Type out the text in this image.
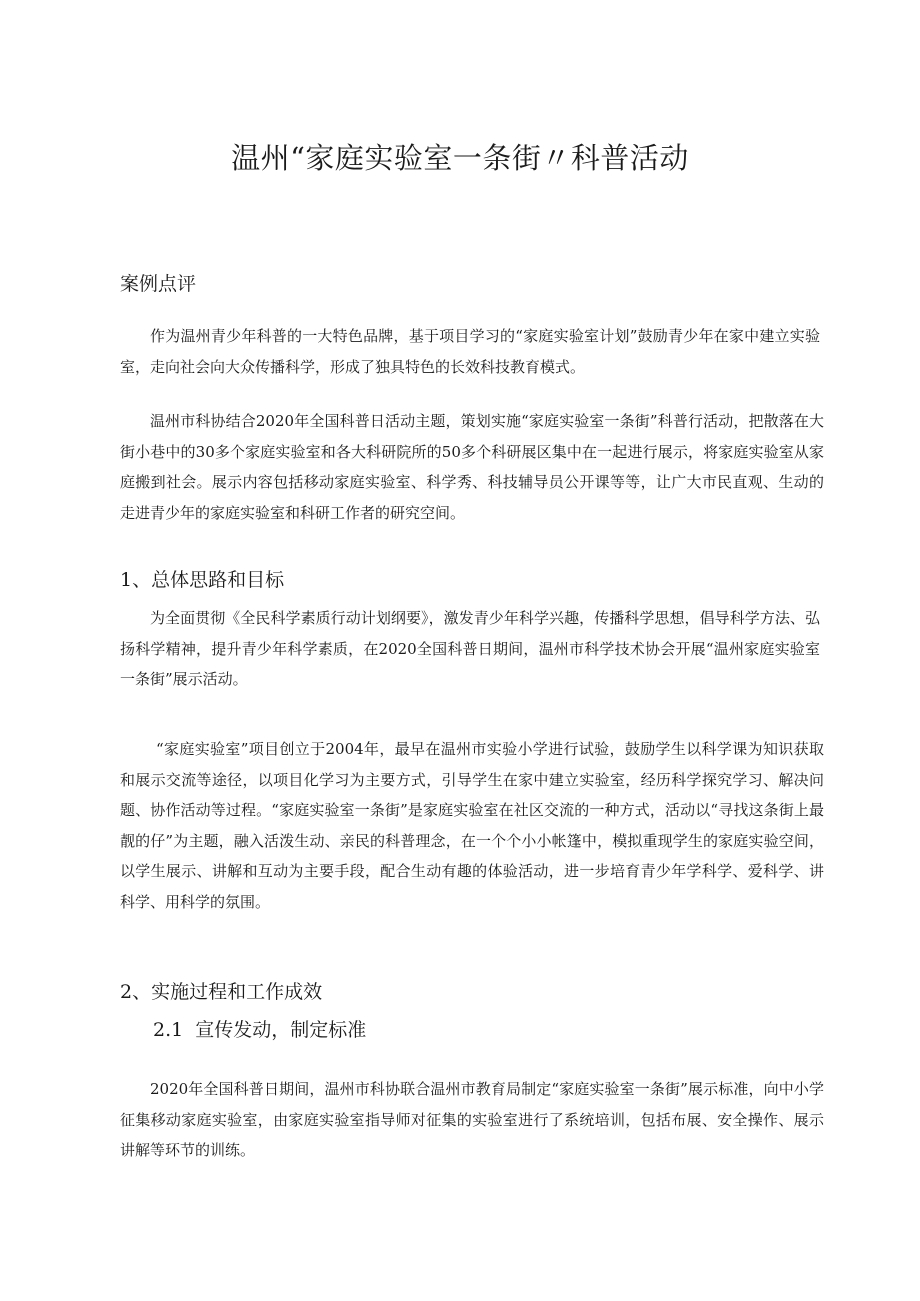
温州“家庭实验室一条街〃科普活动
案例点评

作为温州青少年科普的一大特色品牌，基于项目学习的“家庭实验室计划”鼓励青少年在家中建立实验室，走向社会向大众传播科学，形成了独具特色的长效科技教育模式。

温州市科协结合2020年全国科普日活动主题，策划实施“家庭实验室一条街”科普行活动，把散落在大街小巷中的30多个家庭实验室和各大科研院所的50多个科研展区集中在一起进行展示，将家庭实验室从家庭搬到社会。展示内容包括移动家庭实验室、科学秀、科技辅导员公开课等等，让广大市民直观、生动的走进青少年的家庭实验室和科研工作者的研究空间。

1、总体思路和目标

为全面贯彻《全民科学素质行动计划纲要》，激发青少年科学兴趣，传播科学思想，倡导科学方法、弘扬科学精神，提升青少年科学素质，在2020全国科普日期间，温州市科学技术协会开展“温州家庭实验室一条街”展示活动。

“家庭实验室”项目创立于2004年，最早在温州市实验小学进行试验，鼓励学生以科学课为知识获取和展示交流等途径，以项目化学习为主要方式，引导学生在家中建立实验室，经历科学探究学习、解决问题、协作活动等过程。“家庭实验室一条街”是家庭实验室在社区交流的一种方式，活动以“寻找这条街上最靓的仔”为主题，融入活泼生动、亲民的科普理念，在一个个小小帐篷中，模拟重现学生的家庭实验空间，以学生展示、讲解和互动为主要手段，配合生动有趣的体验活动，进一步培育青少年学科学、爱科学、讲科学、用科学的氛围。

2、实施过程和工作成效
2.1 宣传发动，制定标准

2020年全国科普日期间，温州市科协联合温州市教育局制定“家庭实验室一条街”展示标准，向中小学征集移动家庭实验室，由家庭实验室指导师对征集的实验室进行了系统培训，包括布展、安全操作、展示讲解等环节的训练。
